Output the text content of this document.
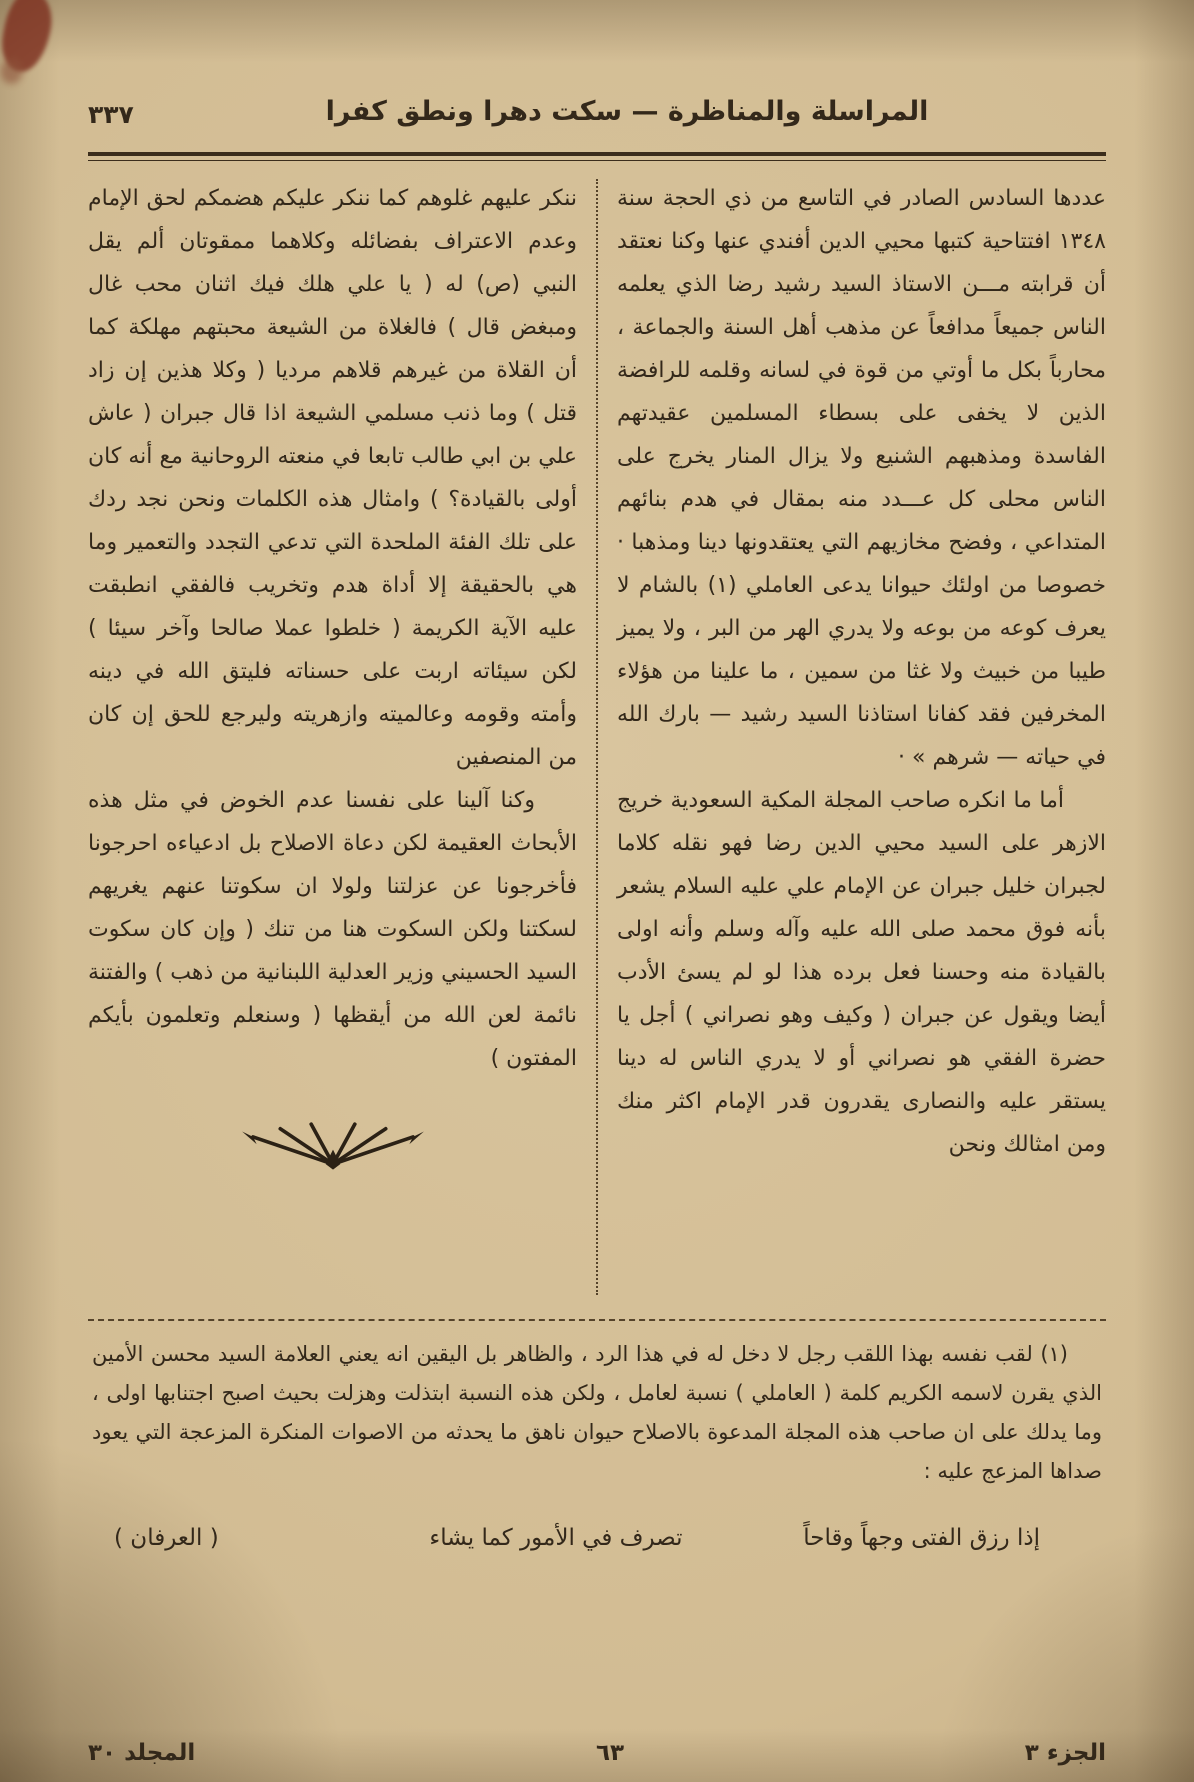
المراسلة والمناظرة — سكت دهرا ونطق كفرا
٣٣٧

عددها السادس الصادر في التاسع من ذي الحجة سنة ١٣٤٨ افتتاحية كتبها محيي الدين أفندي عنها وكنا نعتقد أن قرابته مـــن الاستاذ السيد رشيد رضا الذي يعلمه الناس جميعاً مدافعاً عن مذهب أهل السنة والجماعة ، محارباً بكل ما أوتي من قوة في لسانه وقلمه للرافضة الذين لا يخفى على بسطاء المسلمين عقيدتهم الفاسدة ومذهبهم الشنيع ولا يزال المنار يخرج على الناس محلى كل عـــدد منه بمقال في هدم بنائهم المتداعي ، وفضح مخازيهم التي يعتقدونها دينا ومذهبا · خصوصا من اولئك حيوانا يدعى العاملي (١) بالشام لا يعرف كوعه من بوعه ولا يدري الهر من البر ، ولا يميز طيبا من خبيث ولا غثا من سمين ، ما علينا من هؤلاء المخرفين فقد كفانا استاذنا السيد رشيد — بارك الله في حياته — شرهم » ·

أما ما انكره صاحب المجلة المكية السعودية خريج الازهر على السيد محيي الدين رضا فهو نقله كلاما لجبران خليل جبران عن الإمام علي عليه السلام يشعر بأنه فوق محمد صلى الله عليه وآله وسلم وأنه اولى بالقيادة منه وحسنا فعل برده هذا لو لم يسئ الأدب أيضا ويقول عن جبران ( وكيف وهو نصراني ) أجل يا حضرة الفقي هو نصراني أو لا يدري الناس له دينا يستقر عليه والنصارى يقدرون قدر الإمام اكثر منك ومن امثالك ونحن

ننكر عليهم غلوهم كما ننكر عليكم هضمكم لحق الإمام وعدم الاعتراف بفضائله وكلاهما ممقوتان ألم يقل النبي (ص) له ( يا علي هلك فيك اثنان محب غال ومبغض قال ) فالغلاة من الشيعة محبتهم مهلكة كما أن القلاة من غيرهم قلاهم مرديا ( وكلا هذين إن زاد قتل ) وما ذنب مسلمي الشيعة اذا قال جبران ( عاش علي بن ابي طالب تابعا في منعته الروحانية مع أنه كان أولى بالقيادة؟ ) وامثال هذه الكلمات ونحن نجد ردك على تلك الفئة الملحدة التي تدعي التجدد والتعمير وما هي بالحقيقة إلا أداة هدم وتخريب فالفقي انطبقت عليه الآية الكريمة ( خلطوا عملا صالحا وآخر سيئا ) لكن سيئاته اربت على حسناته فليتق الله في دينه وأمته وقومه وعالميته وازهريته وليرجع للحق إن كان من المنصفين

وكنا آلينا على نفسنا عدم الخوض في مثل هذه الأبحاث العقيمة لكن دعاة الاصلاح بل ادعياءه احرجونا فأخرجونا عن عزلتنا ولولا ان سكوتنا عنهم يغريهم لسكتنا ولكن السكوت هنا من تنك ( وإن كان سكوت السيد الحسيني وزير العدلية اللبنانية من ذهب ) والفتنة نائمة لعن الله من أيقظها ( وسنعلم وتعلمون بأيكم المفتون )

(١) لقب نفسه بهذا اللقب رجل لا دخل له في هذا الرد ، والظاهر بل اليقين انه يعني العلامة السيد محسن الأمين الذي يقرن لاسمه الكريم كلمة ( العاملي ) نسبة لعامل ، ولكن هذه النسبة ابتذلت وهزلت بحيث اصبح اجتنابها اولى ، وما يدلك على ان صاحب هذه المجلة المدعوة بالاصلاح حيوان ناهق ما يحدثه من الاصوات المنكرة المزعجة التي يعود صداها المزعج عليه :

إذا رزق الفتى وجهاً وقاحاً
تصرف في الأمور كما يشاء
( العرفان )
الجزء ٣
٦٣
المجلد ٣٠
